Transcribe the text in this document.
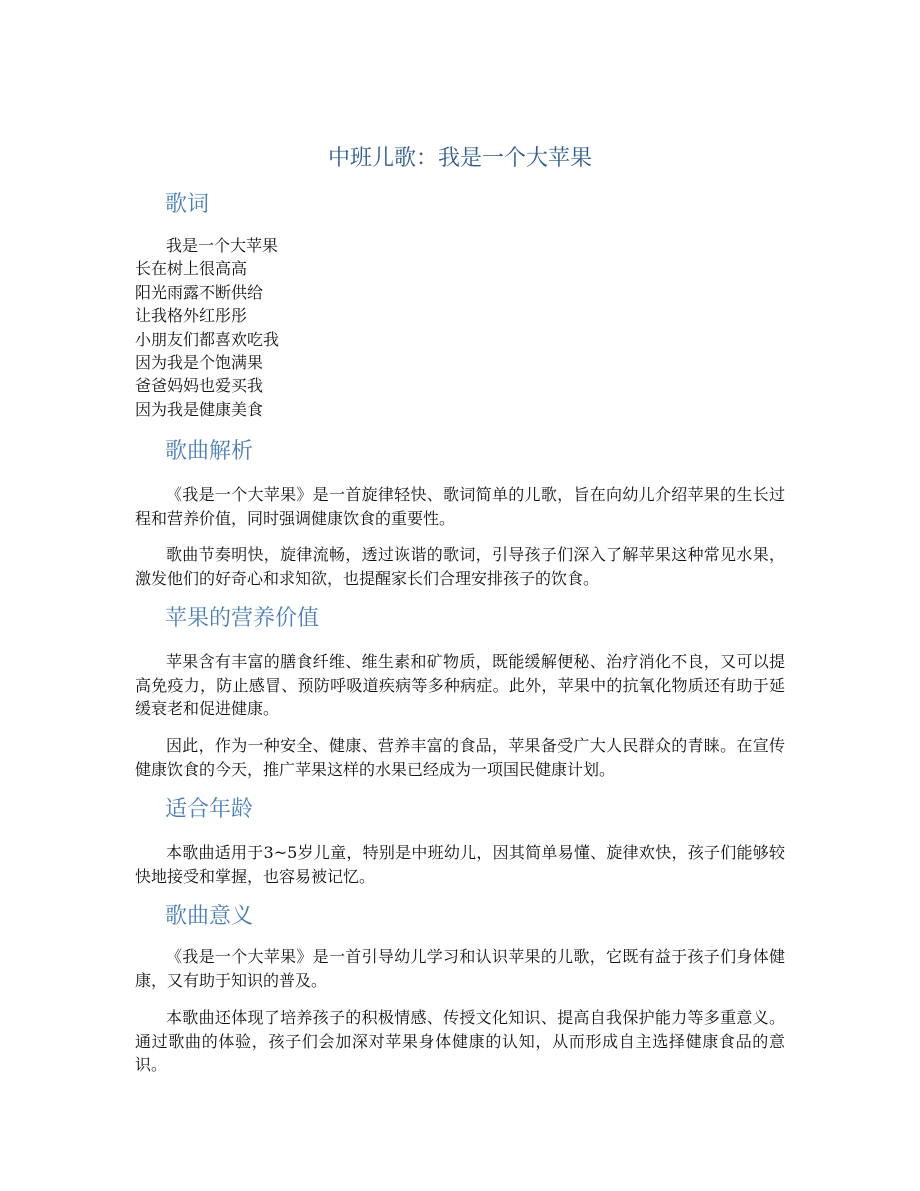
中班儿歌：我是一个大苹果
歌词
我是一个大苹果
长在树上很高高
阳光雨露不断供给
让我格外红彤彤
小朋友们都喜欢吃我
因为我是个饱满果
爸爸妈妈也爱买我
因为我是健康美食
歌曲解析

《我是一个大苹果》是一首旋律轻快、歌词简单的儿歌，旨在向幼儿介绍苹果的生长过程和营养价值，同时强调健康饮食的重要性。

歌曲节奏明快，旋律流畅，透过诙谐的歌词，引导孩子们深入了解苹果这种常见水果，激发他们的好奇心和求知欲，也提醒家长们合理安排孩子的饮食。

苹果的营养价值

苹果含有丰富的膳食纤维、维生素和矿物质，既能缓解便秘、治疗消化不良，又可以提高免疫力，防止感冒、预防呼吸道疾病等多种病症。此外，苹果中的抗氧化物质还有助于延缓衰老和促进健康。

因此，作为一种安全、健康、营养丰富的食品，苹果备受广大人民群众的青睐。在宣传健康饮食的今天，推广苹果这样的水果已经成为一项国民健康计划。

适合年龄

本歌曲适用于3~5岁儿童，特别是中班幼儿，因其简单易懂、旋律欢快，孩子们能够较快地接受和掌握，也容易被记忆。

歌曲意义

《我是一个大苹果》是一首引导幼儿学习和认识苹果的儿歌，它既有益于孩子们身体健康，又有助于知识的普及。

本歌曲还体现了培养孩子的积极情感、传授文化知识、提高自我保护能力等多重意义。通过歌曲的体验，孩子们会加深对苹果身体健康的认知，从而形成自主选择健康食品的意识。
